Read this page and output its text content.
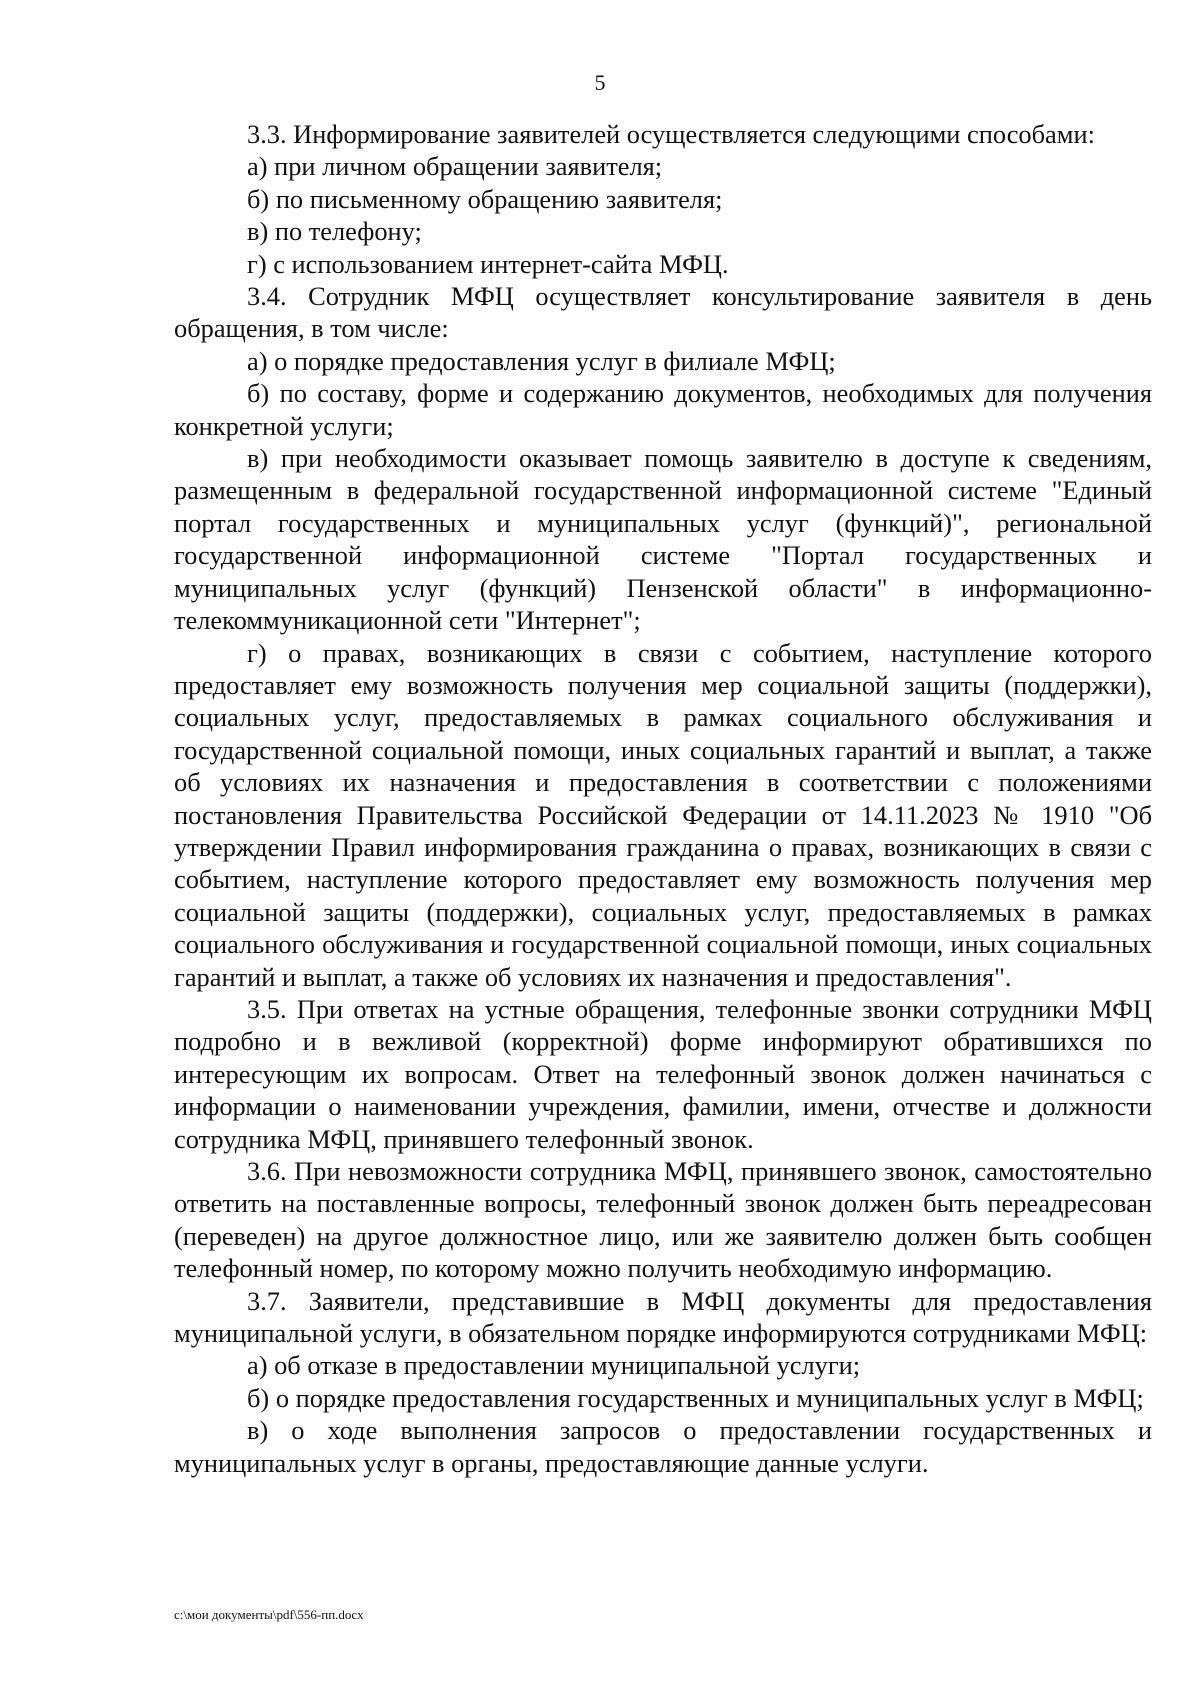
5

3.3. Информирование заявителей осуществляется следующими способами:

а) при личном обращении заявителя;

б) по письменному обращению заявителя;

в) по телефону;

г) с использованием интернет-сайта МФЦ.

3.4. Сотрудник МФЦ осуществляет консультирование заявителя в день обращения, в том числе:

а) о порядке предоставления услуг в филиале МФЦ;

б) по составу, форме и содержанию документов, необходимых для получения конкретной услуги;

в) при необходимости оказывает помощь заявителю в доступе к сведениям, размещенным в федеральной государственной информационной системе "Единый портал государственных и муниципальных услуг (функций)", региональной государственной информационной системе "Портал государственных и муниципальных услуг (функций) Пензенской области" в информационно-телекоммуникационной сети "Интернет";

г) о правах, возникающих в связи с событием, наступление которого предоставляет ему возможность получения мер социальной защиты (поддержки), социальных услуг, предоставляемых в рамках социального обслуживания и государственной социальной помощи, иных социальных гарантий и выплат, а также об условиях их назначения и предоставления в соответствии с положениями постановления Правительства Российской Федерации от 14.11.2023 № 1910 "Об утверждении Правил информирования гражданина о правах, возникающих в связи с событием, наступление которого предоставляет ему возможность получения мер социальной защиты (поддержки), социальных услуг, предоставляемых в рамках социального обслуживания и государственной социальной помощи, иных социальных гарантий и выплат, а также об условиях их назначения и предоставления".

3.5. При ответах на устные обращения, телефонные звонки сотрудники МФЦ подробно и в вежливой (корректной) форме информируют обратившихся по интересующим их вопросам. Ответ на телефонный звонок должен начинаться с информации о наименовании учреждения, фамилии, имени, отчестве и должности сотрудника МФЦ, принявшего телефонный звонок.

3.6. При невозможности сотрудника МФЦ, принявшего звонок, самостоятельно ответить на поставленные вопросы, телефонный звонок должен быть переадресован (переведен) на другое должностное лицо, или же заявителю должен быть сообщен телефонный номер, по которому можно получить необходимую информацию.

3.7. Заявители, представившие в МФЦ документы для предоставления муниципальной услуги, в обязательном порядке информируются сотрудниками МФЦ:

а) об отказе в предоставлении муниципальной услуги;

б) о порядке предоставления государственных и муниципальных услуг в МФЦ;

в) о ходе выполнения запросов о предоставлении государственных и муниципальных услуг в органы, предоставляющие данные услуги.

c:\мои документы\pdf\556-пп.docx
